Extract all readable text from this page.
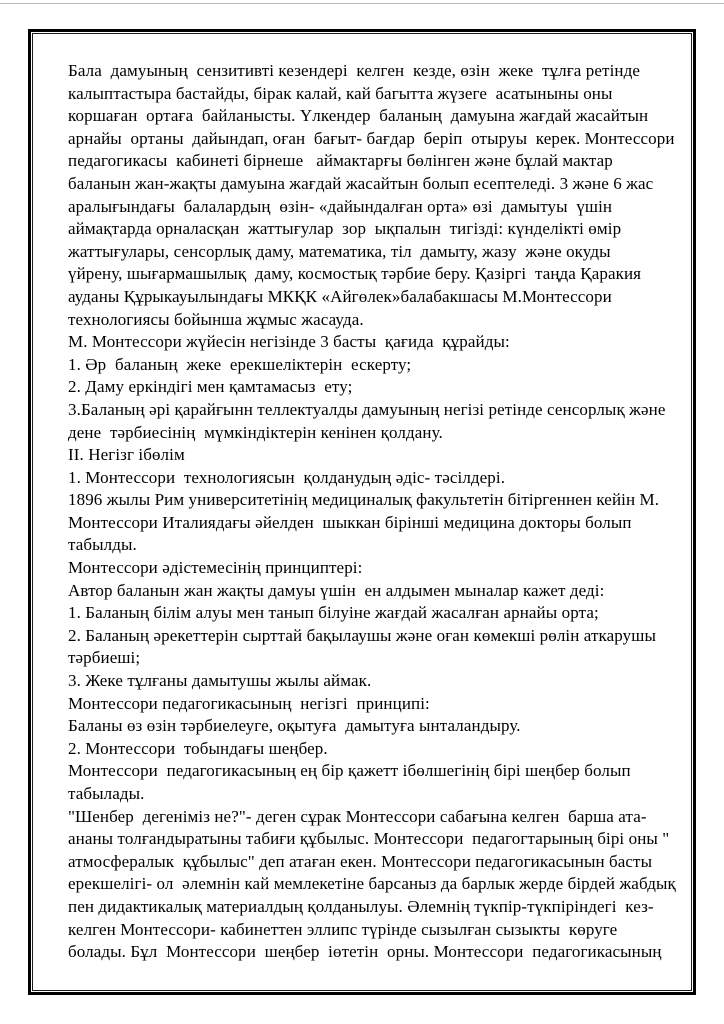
Бала  дамуының  сензитивті кезендері  келген  кезде, өзін  жеке  тұлға ретінде
калыптастыра бастайды, бірак калай, кай багытта жүзеге  асатыныны оны
коршаған  ортаға  байланысты. Үлкендер  баланың  дамуына жағдай жасайтын
арнайы  ортаны  дайындап, оған  бағыт- бағдар  беріп  отыруы  керек. Монтессори
педагогикасы  кабинеті бірнеше   аймактарғы бөлінген және бұлай мактар
баланын жан-жақты дамуына жағдай жасайтын болып есептеледі. 3 және 6 жас
аралығындағы  балалардың  өзін- «дайындалған орта» өзі  дамытуы  үшін
аймақтарда орналасқан  жаттығулар  зор  ықпалын  тигізді: күнделікті өмір
жаттығулары, сенсорлық даму, математика, тіл  дамыту, жазу  және окуды
үйрену, шығармашылық  даму, космостық тәрбие беру. Қазіргі  таңда Қаракия
ауданы Құрыкауылындағы МКҚК «Айгөлек»балабакшасы М.Монтессори
технологиясы бойынша жұмыс жасауда.
М. Монтессори жүйесін негізінде 3 басты  қағида  құрайды:
1. Әр  баланың  жеке  ерекшеліктерін  ескерту;
2. Даму еркіндігі мен қамтамасыз  ету;
3.Баланың әрі қарайғынн теллектуалды дамуының негізі ретінде сенсорлық және
дене  тәрбиесінің  мүмкіндіктерін кенінен қолдану.
II. Негізг ібөлім
1. Монтессори  технологиясын  қолданудың әдіс- тәсілдері.
1896 жылы Рим университетінің медициналық факультетін бітіргеннен кейін М.
Монтессори Италиядағы әйелден  шыккан бірінші медицина докторы болып
табылды.
Монтессори әдістемесінің принциптері:
Автор баланын жан жақты дамуы үшін  ен алдымен мыналар кажет деді:
1. Баланың білім алуы мен танып білуіне жағдай жасалған арнайы орта;
2. Баланың әрекеттерін сырттай бақылаушы және оған көмекші рөлін аткарушы
тәрбиеші;
3. Жеке тұлғаны дамытушы жылы аймак.
Монтессори педагогикасының  негізгі  принципі:
Баланы өз өзін тәрбиелеуге, оқытуға  дамытуға ынталандыру.
2. Монтессори  тобындағы шеңбер.
Монтессори  педагогикасының ең бір қажетт ібөлшегінің бірі шеңбер болып
табылады.
"Шенбер  дегеніміз не?"- деген сұрак Монтессори сабағына келген  барша ата-
ананы толғандыратыны табиғи құбылыс. Монтессори  педагогтарының бірі оны "
атмосфералык  құбылыс" деп атаған екен. Монтессори педагогикасынын басты
ерекшелігі- ол  әлемнін кай мемлекетіне барсаныз да барлык жерде бірдей жабдық
пен дидактикалық материалдың қолданылуы. Әлемнің түкпір-түкпіріндегі  кез-
келген Монтессори- кабинеттен эллипс түрінде сызылған сызыкты  көруге
болады. Бұл  Монтессори  шеңбер  іөтетін  орны. Монтессори  педагогикасының
